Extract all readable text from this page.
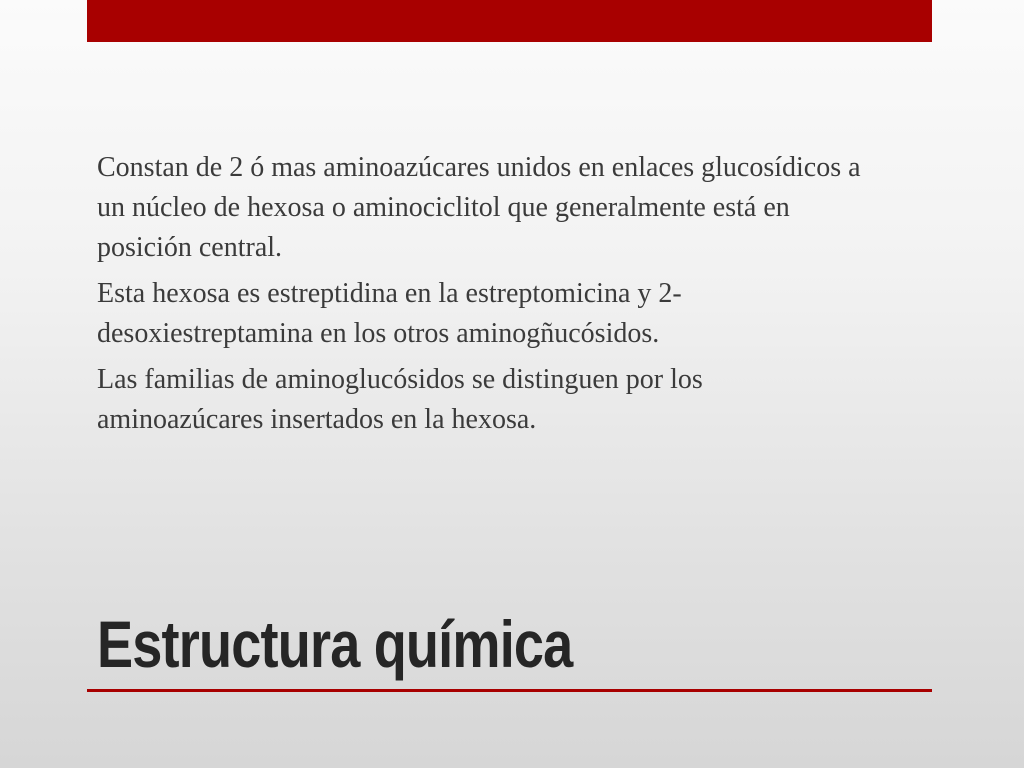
Constan de 2 ó mas aminoazúcares unidos en enlaces glucosídicos a un núcleo de hexosa o aminociclitol que generalmente está en posición central.

Esta hexosa es estreptidina en la estreptomicina y 2-desoxiestreptamina en los otros aminogñucósidos.

Las familias de aminoglucósidos se distinguen por los aminoazúcares insertados en la hexosa.

Estructura química
